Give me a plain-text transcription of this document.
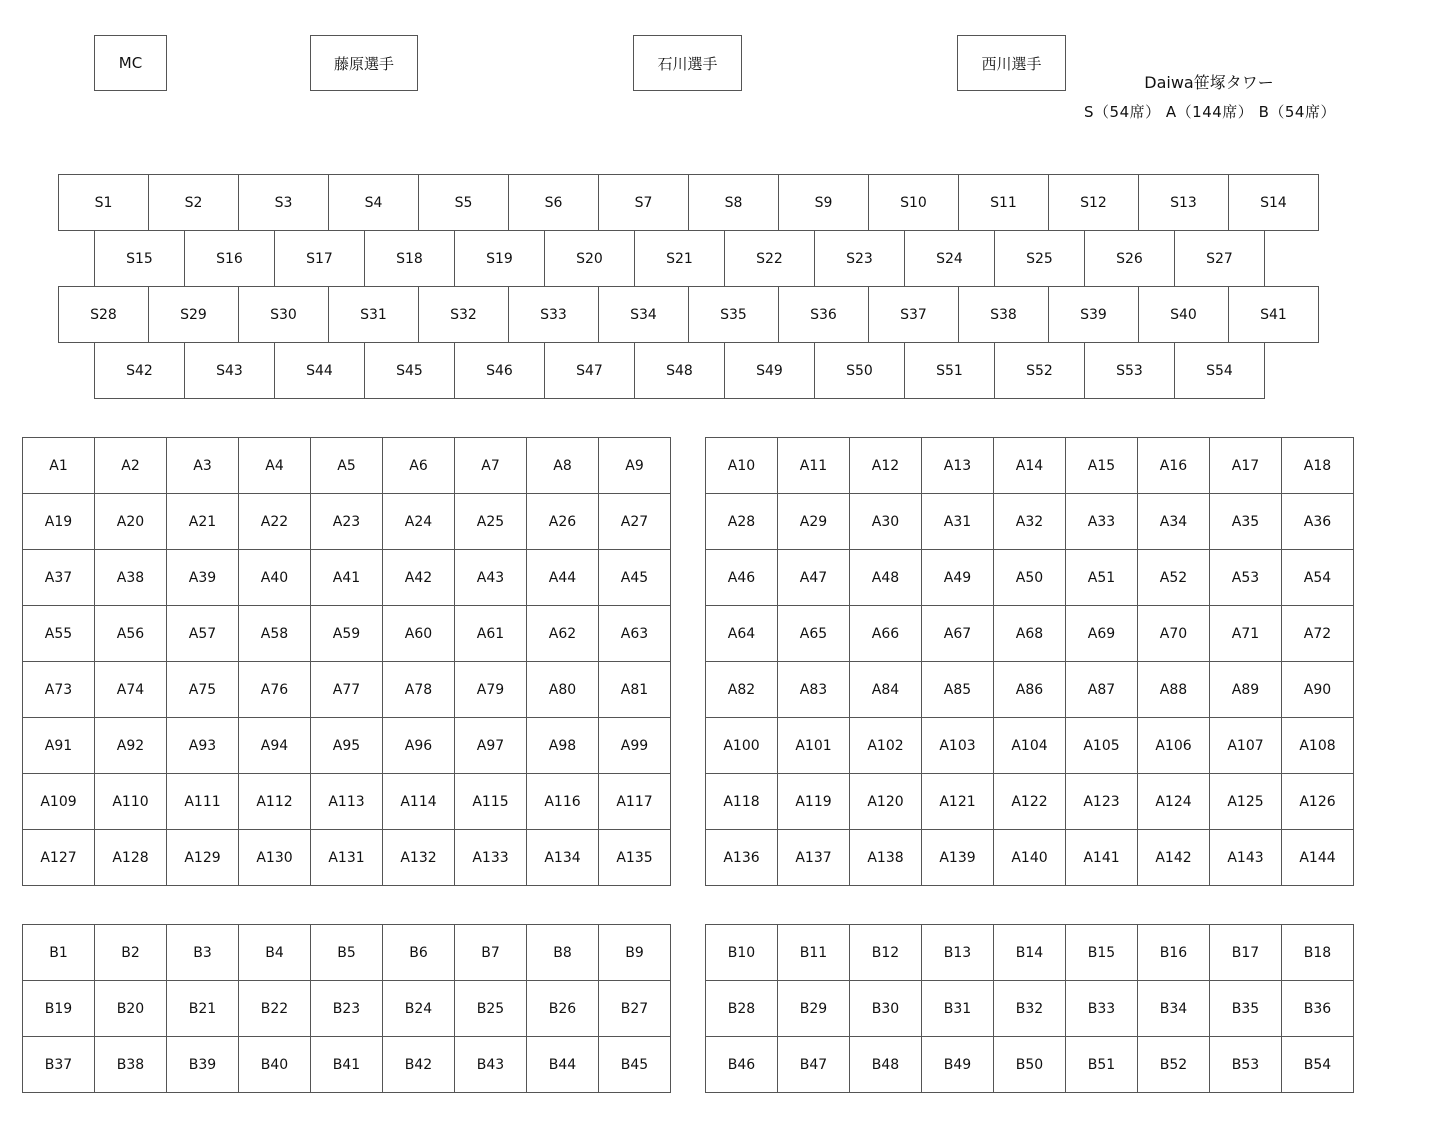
MC	藤原選手	石川選手	西川選手
Daiwa笹塚タワー
S（54席） A（144席） B（54席）
S1	S2	S3	S4	S5	S6	S7	S8	S9	S10	S11	S12	S13	S14
S15	S16	S17	S18	S19	S20	S21	S22	S23	S24	S25	S26	S27
S28	S29	S30	S31	S32	S33	S34	S35	S36	S37	S38	S39	S40	S41
S42	S43	S44	S45	S46	S47	S48	S49	S50	S51	S52	S53	S54
A1	A2	A3	A4	A5	A6	A7	A8	A9
A19	A20	A21	A22	A23	A24	A25	A26	A27
A37	A38	A39	A40	A41	A42	A43	A44	A45
A55	A56	A57	A58	A59	A60	A61	A62	A63
A73	A74	A75	A76	A77	A78	A79	A80	A81
A91	A92	A93	A94	A95	A96	A97	A98	A99
A109	A110	A111	A112	A113	A114	A115	A116	A117
A127	A128	A129	A130	A131	A132	A133	A134	A135
A10	A11	A12	A13	A14	A15	A16	A17	A18
A28	A29	A30	A31	A32	A33	A34	A35	A36
A46	A47	A48	A49	A50	A51	A52	A53	A54
A64	A65	A66	A67	A68	A69	A70	A71	A72
A82	A83	A84	A85	A86	A87	A88	A89	A90
A100	A101	A102	A103	A104	A105	A106	A107	A108
A118	A119	A120	A121	A122	A123	A124	A125	A126
A136	A137	A138	A139	A140	A141	A142	A143	A144
B1	B2	B3	B4	B5	B6	B7	B8	B9
B19	B20	B21	B22	B23	B24	B25	B26	B27
B37	B38	B39	B40	B41	B42	B43	B44	B45
B10	B11	B12	B13	B14	B15	B16	B17	B18
B28	B29	B30	B31	B32	B33	B34	B35	B36
B46	B47	B48	B49	B50	B51	B52	B53	B54
